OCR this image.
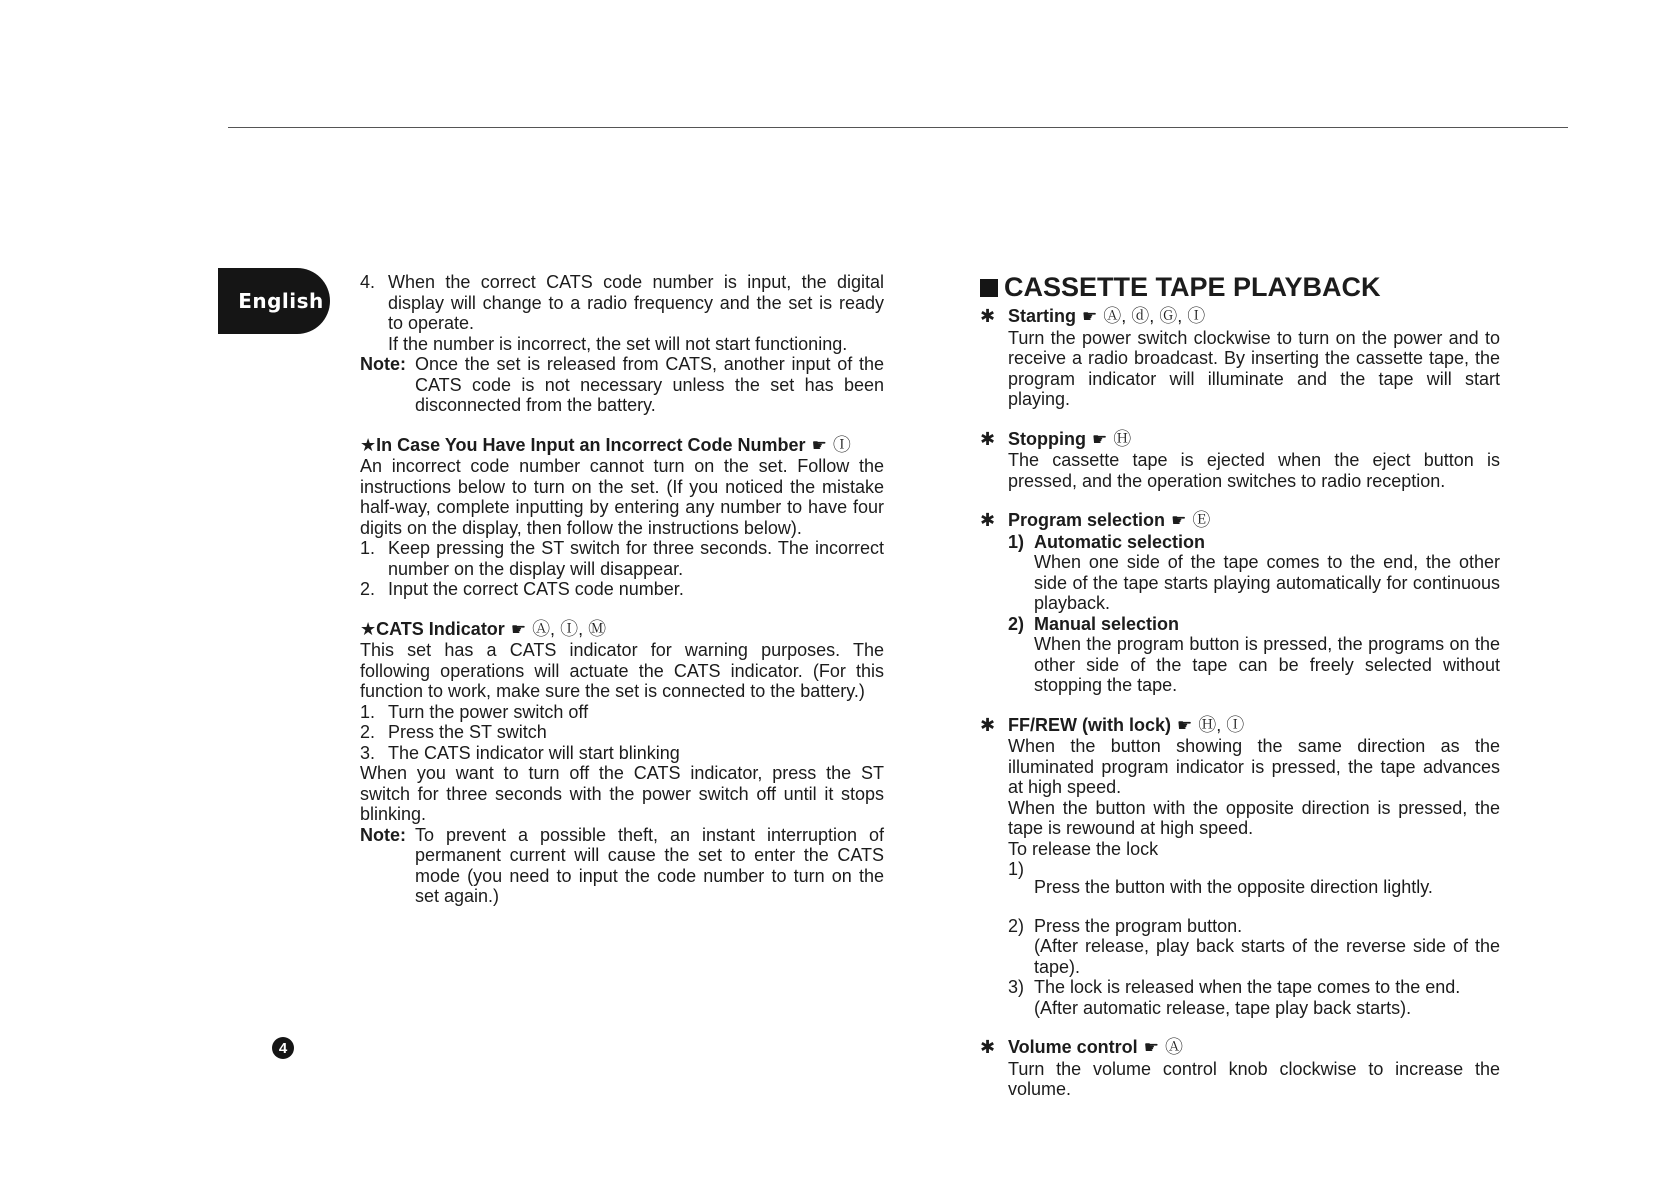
English
4
4. When the correct CATS code number is input, the digital display will change to a radio frequency and the set is ready to operate.

If the number is incorrect, the set will not start functioning.

Note: Once the set is released from CATS, another input of the CATS code is not necessary unless the set has been disconnected from the battery.

★In Case You Have Input an Incorrect Code Number ☛ Ⓘ

An incorrect code number cannot turn on the set. Follow the instructions below to turn on the set. (If you noticed the mistake half-way, complete inputting by entering any number to have four digits on the display, then follow the instructions below).

1. Keep pressing the ST switch for three seconds. The incorrect number on the display will disappear.

2. Input the correct CATS code number.

★CATS Indicator ☛ Ⓐ, Ⓘ, Ⓜ

This set has a CATS indicator for warning purposes. The following operations will actuate the CATS indicator. (For this function to work, make sure the set is connected to the battery.)

1. Turn the power switch off

2. Press the ST switch

3. The CATS indicator will start blinking

When you want to turn off the CATS indicator, press the ST switch for three seconds with the power switch off until it stops blinking.

Note: To prevent a possible theft, an instant interruption of permanent current will cause the set to enter the CATS mode (you need to input the code number to turn on the set again.)

CASSETTE TAPE PLAYBACK

✱ Starting ☛ Ⓐ, ⓓ, Ⓖ, Ⓘ

Turn the power switch clockwise to turn on the power and to receive a radio broadcast. By inserting the cassette tape, the program indicator will illuminate and the tape will start playing.

✱ Stopping ☛ Ⓗ

The cassette tape is ejected when the eject button is pressed, and the operation switches to radio reception.

✱ Program selection ☛ Ⓔ

1) Automatic selection

When one side of the tape comes to the end, the other side of the tape starts playing automatically for continuous playback.

2) Manual selection

When the program button is pressed, the programs on the other side of the tape can be freely selected without stopping the tape.

✱ FF/REW (with lock) ☛ Ⓗ, Ⓘ

When the button showing the same direction as the illuminated program indicator is pressed, the tape advances at high speed.

When the button with the opposite direction is pressed, the tape is rewound at high speed.

To release the lock

1)

Press the button with the opposite direction lightly.

2) Press the program button.

(After release, play back starts of the reverse side of the tape).

3) The lock is released when the tape comes to the end.

(After automatic release, tape play back starts).

✱ Volume control ☛ Ⓐ

Turn the volume control knob clockwise to increase the volume.
